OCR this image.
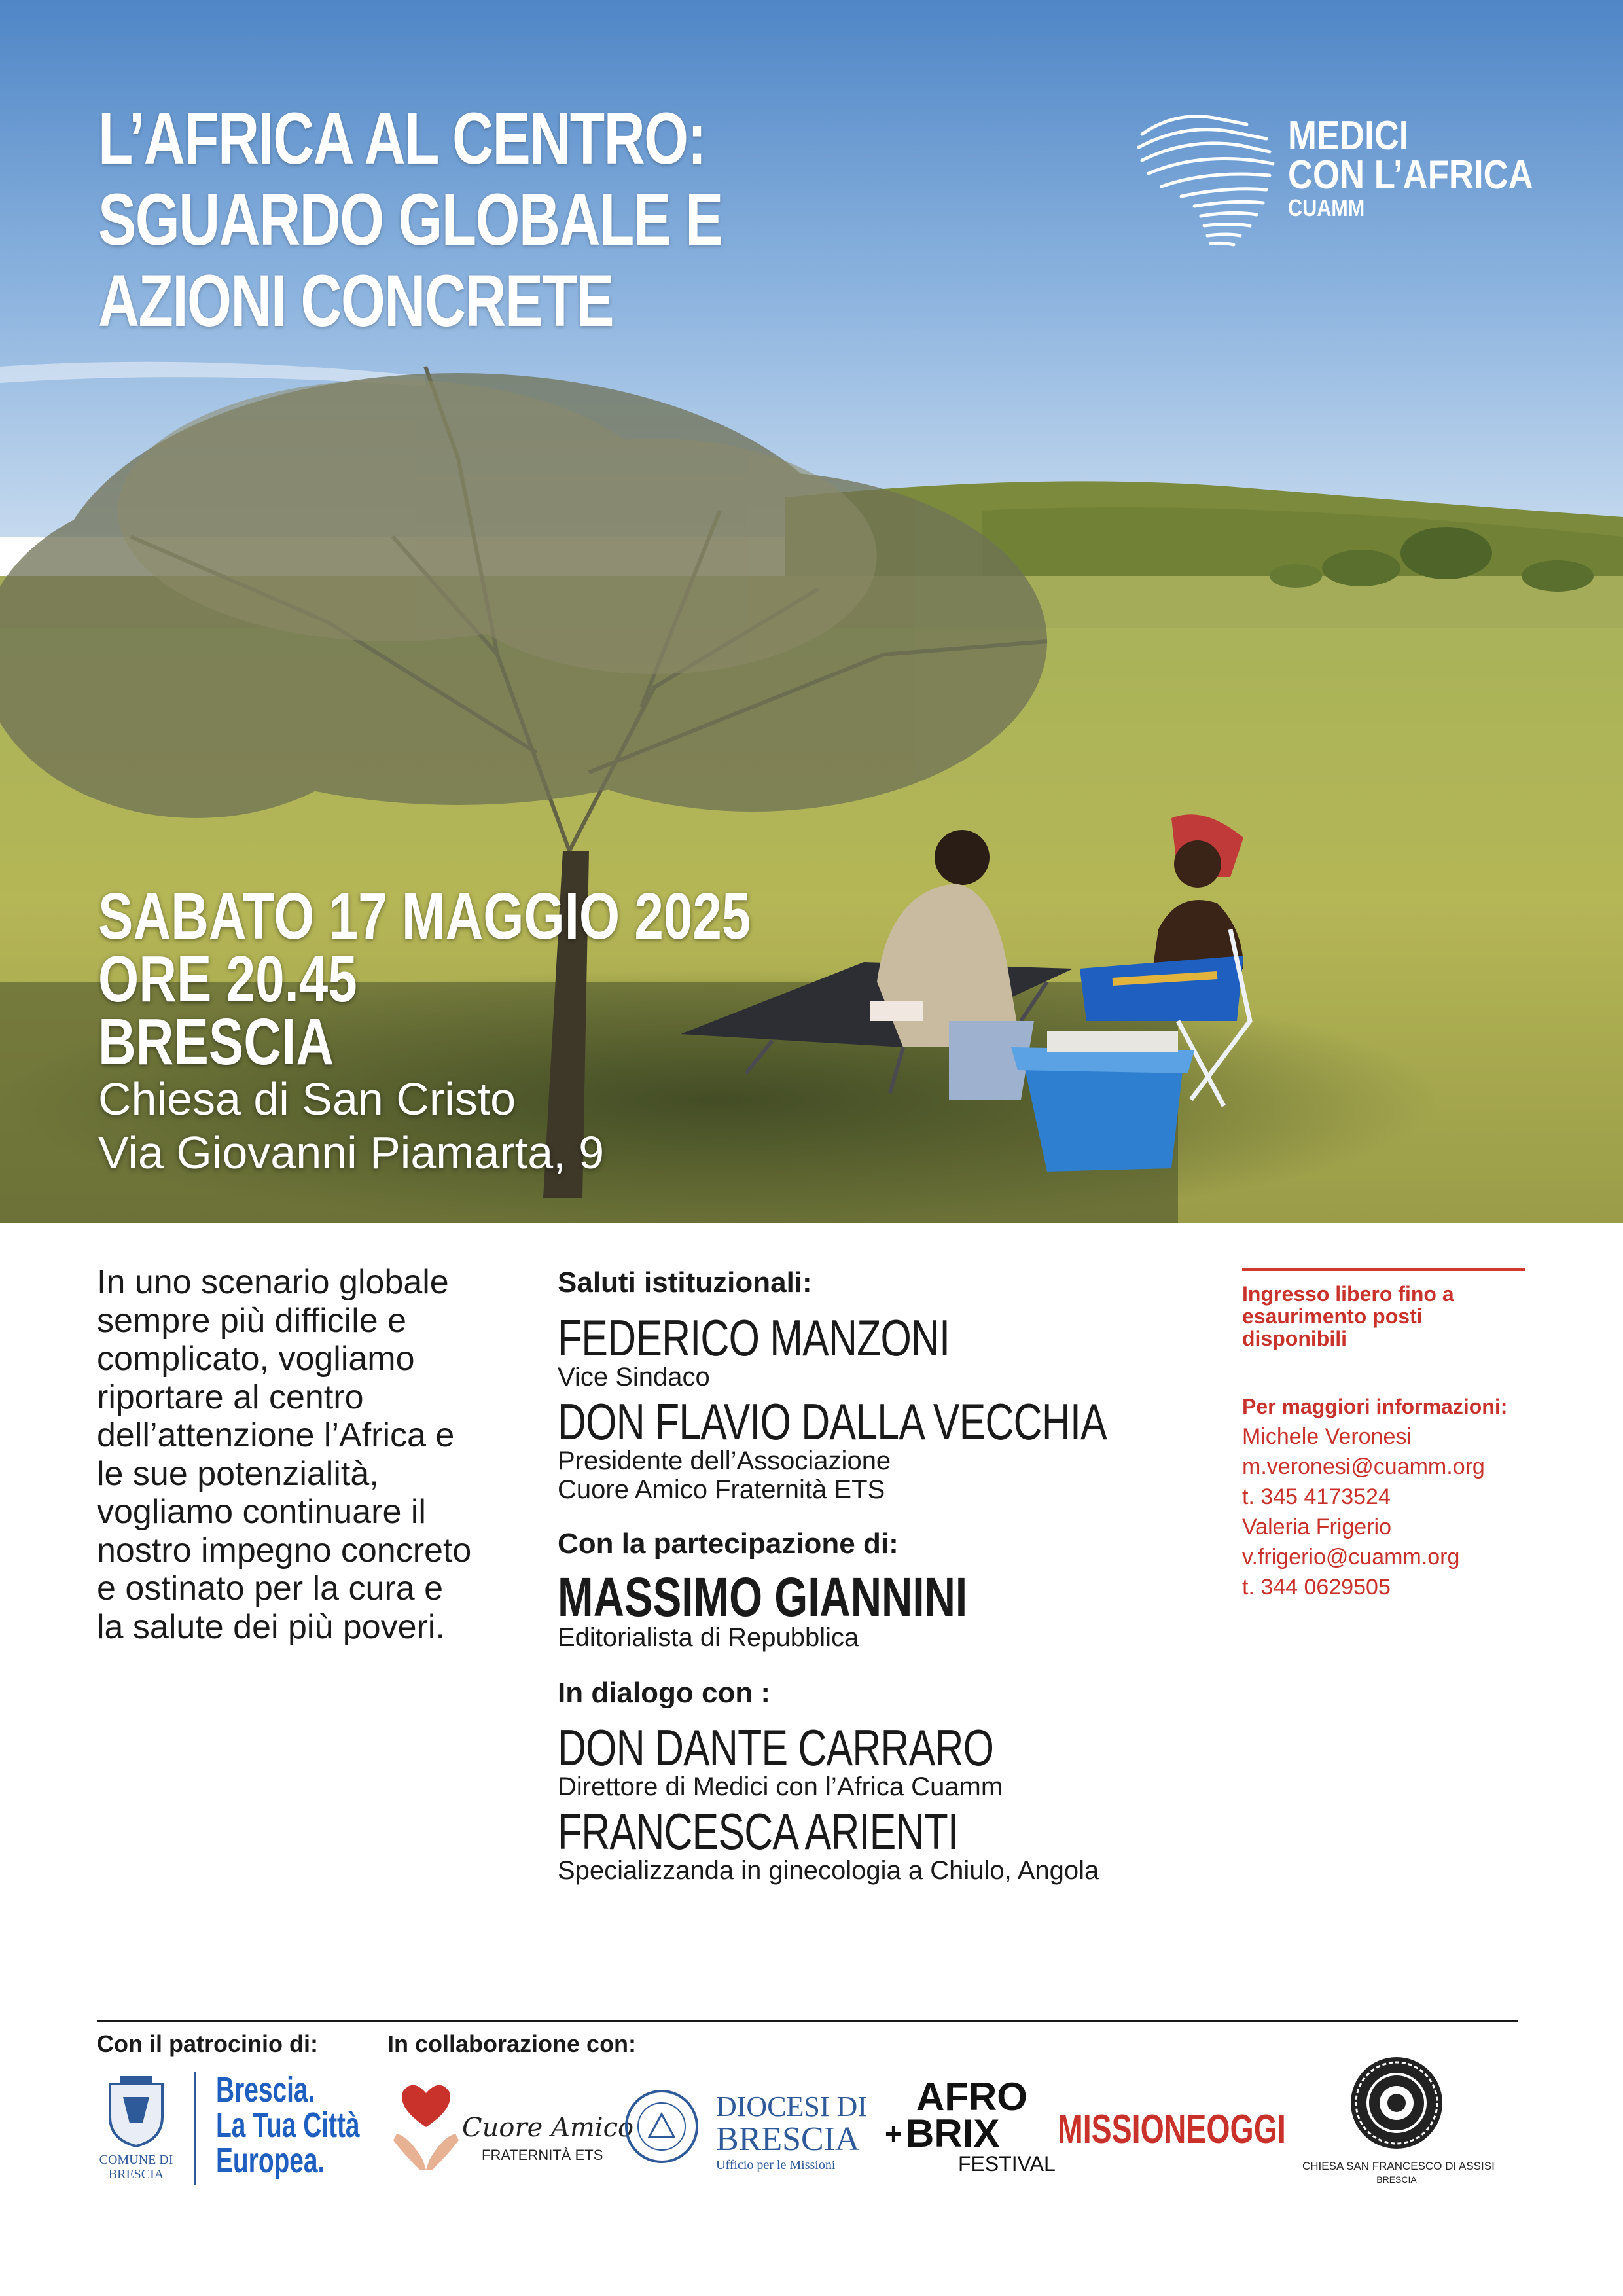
L’AFRICA AL CENTRO:
SGUARDO GLOBALE E
AZIONI CONCRETE
MEDICI
CON L’AFRICA
CUAMM
SABATO 17 MAGGIO 2025
ORE 20.45
BRESCIA
Chiesa di San Cristo
Via Giovanni Piamarta, 9
In uno scenario globale sempre più difficile e complicato, vogliamo riportare al centro dell’attenzione l’Africa e le sue potenzialità, vogliamo continuare il nostro impegno concreto e ostinato per la cura e la salute dei più poveri.
Saluti istituzionali:
FEDERICO MANZONI
Vice Sindaco
DON FLAVIO DALLA VECCHIA
Presidente dell’Associazione
Cuore Amico Fraternità ETS
Con la partecipazione di:
MASSIMO GIANNINI
Editorialista di Repubblica
In dialogo con :
DON DANTE CARRARO
Direttore di Medici con l’Africa Cuamm
FRANCESCA ARIENTI
Specializzanda in ginecologia a Chiulo, Angola
Ingresso libero fino a
esaurimento posti
disponibili
Per maggiori informazioni:
Michele Veronesi
m.veronesi@cuamm.org
t. 345 4173524
Valeria Frigerio
v.frigerio@cuamm.org
t. 344 0629505
Con il patrocinio di:	In collaborazione con:
COMUNE DI
BRESCIA
Brescia.
La Tua Città
Europea.
Cuore Amico
FRATERNITÀ ETS
DIOCESI DI
BRESCIA
Ufficio per le Missioni
AFRO
+ BRIX
FESTIVAL
MISSIONEOGGI
CHIESA SAN FRANCESCO DI ASSISI
BRESCIA
